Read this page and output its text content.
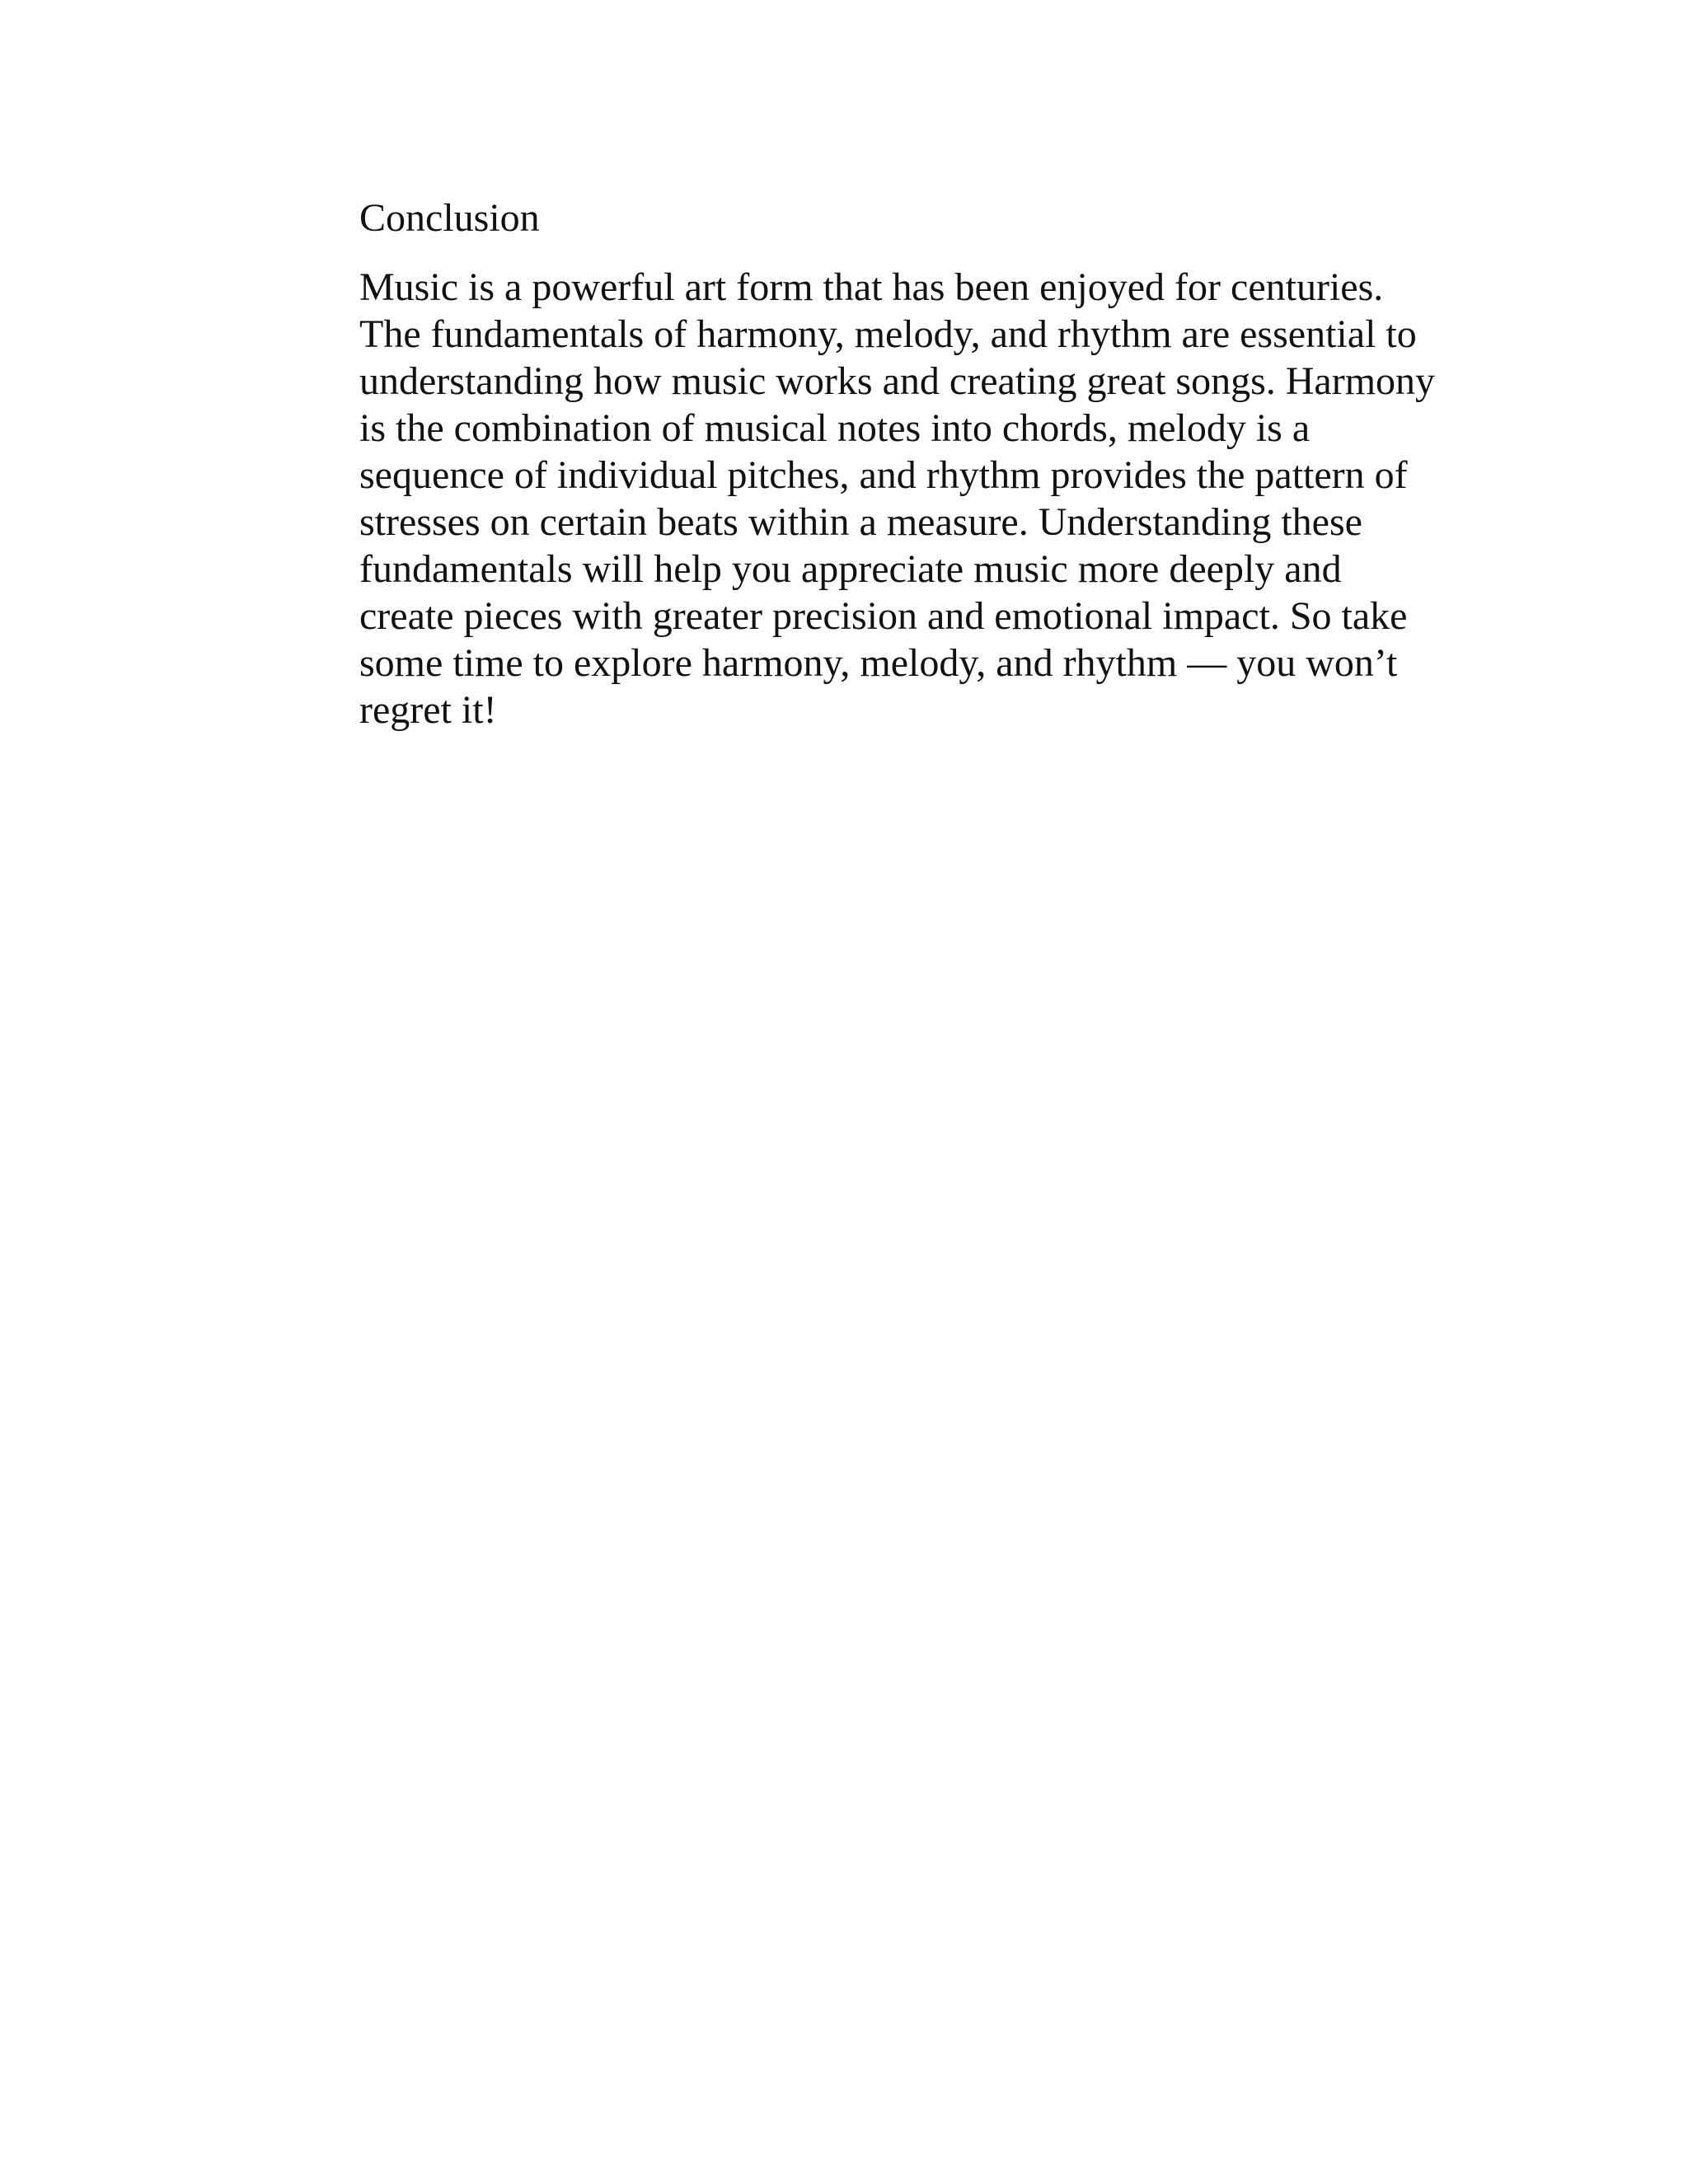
Conclusion

Music is a powerful art form that has been enjoyed for centuries.
The fundamentals of harmony, melody, and rhythm are essential to
understanding how music works and creating great songs. Harmony
is the combination of musical notes into chords, melody is a
sequence of individual pitches, and rhythm provides the pattern of
stresses on certain beats within a measure. Understanding these
fundamentals will help you appreciate music more deeply and
create pieces with greater precision and emotional impact. So take
some time to explore harmony, melody, and rhythm — you won’t
regret it!
